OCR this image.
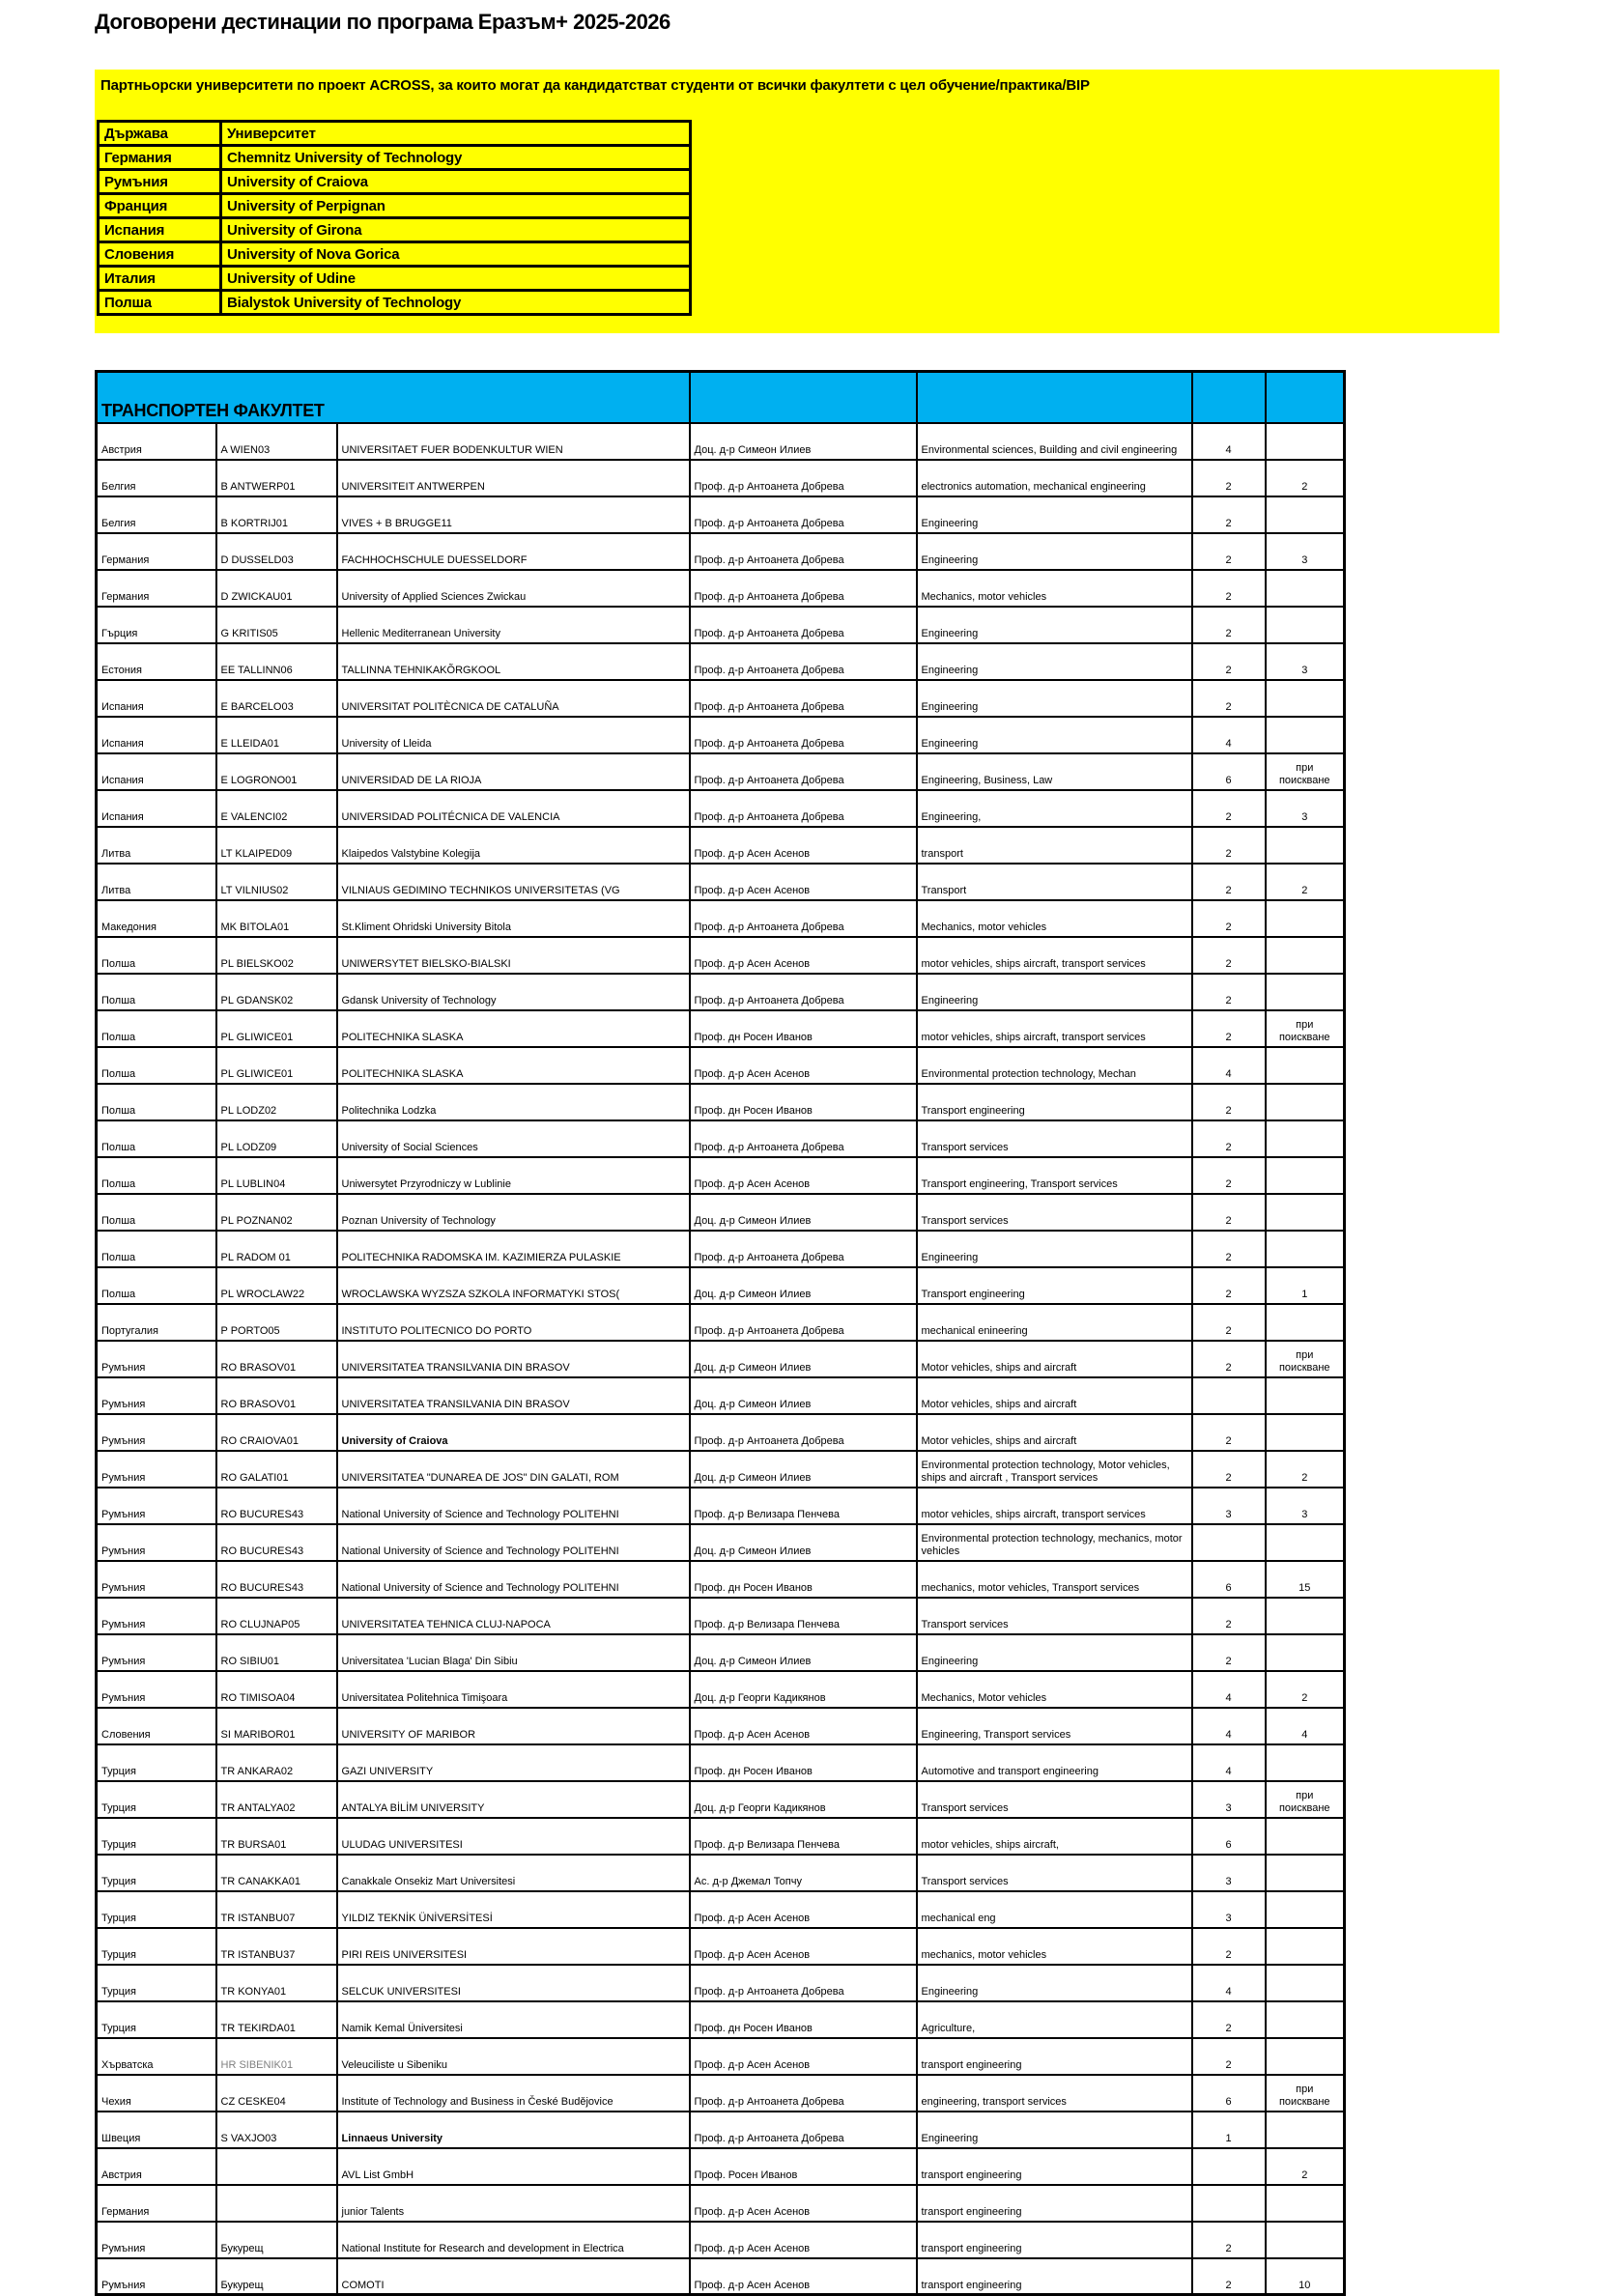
Договорени дестинации по програма Еразъм+ 2025-2026
Партньорски университети по проект ACROSS, за които могат да кандидатстват студенти от всички факултети с цел обучение/практика/BIP
Държава	Университет
Германия	Chemnitz University of Technology
Румъния	University of Craiova
Франция	University of Perpignan
Испания	University of Girona
Словения	University of Nova Gorica
Италия	University of Udine
Полша	Bialystok University of Technology
ТРАНСПОРТЕН ФАКУЛТЕТ						
Австрия	A WIEN03	UNIVERSITAET FUER BODENKULTUR WIEN	Доц. д-р Симеон Илиев	Environmental sciences, Building and civil engineering	4	
Белгия	B ANTWERP01	UNIVERSITEIT ANTWERPEN	Проф. д-р Антоанета Добрева	electronics automation, mechanical engineering	2	2
Белгия	B KORTRIJ01	VIVES + B BRUGGE11	Проф. д-р Антоанета Добрева	Engineering	2	
Германия	D DUSSELD03	FACHHOCHSCHULE DUESSELDORF	Проф. д-р Антоанета Добрева	Engineering	2	3
Германия	D ZWICKAU01	University of Applied Sciences Zwickau	Проф. д-р Антоанета Добрева	Mechanics, motor vehicles	2	
Гърция	G KRITIS05	Hellenic Mediterranean University	Проф. д-р Антоанета Добрева	Engineering	2	
Естония	EE TALLINN06	TALLINNA TEHNIKAKÕRGKOOL	Проф. д-р Антоанета Добрева	Engineering	2	3
Испания	E BARCELO03	UNIVERSITAT POLITÈCNICA DE CATALUÑA	Проф. д-р Антоанета Добрева	Engineering	2	
Испания	E LLEIDA01	University of Lleida	Проф. д-р Антоанета Добрева	Engineering	4	
Испания	E LOGRONO01	UNIVERSIDAD DE LA RIOJA	Проф. д-р Антоанета Добрева	Engineering, Business, Law	6	при поискване
Испания	E VALENCI02	UNIVERSIDAD POLITÉCNICA DE VALENCIA	Проф. д-р Антоанета Добрева	Engineering,	2	3
Литва	LT KLAIPED09	Klaipedos Valstybine Kolegija	Проф. д-р Асен Асенов	transport	2	
Литва	LT VILNIUS02	VILNIAUS GEDIMINO TECHNIKOS UNIVERSITETAS (VG	Проф. д-р Асен Асенов	Transport	2	2
Македония	MK BITOLA01	St.Kliment Ohridski University Bitola	Проф. д-р Антоанета Добрева	Mechanics, motor vehicles	2	
Полша	PL BIELSKO02	UNIWERSYTET BIELSKO-BIALSKI	Проф. д-р Асен Асенов	motor vehicles, ships aircraft, transport services	2	
Полша	PL GDANSK02	Gdansk University of Technology	Проф. д-р Антоанета Добрева	Engineering	2	
Полша	PL GLIWICE01	POLITECHNIKA SLASKA	Проф. дн Росен Иванов	motor vehicles, ships aircraft, transport services	2	при поискване
Полша	PL GLIWICE01	POLITECHNIKA SLASKA	Проф. д-р Асен Асенов	Environmental protection technology, Mechan	4	
Полша	PL LODZ02	Politechnika Lodzka	Проф. дн Росен Иванов	Transport engineering	2	
Полша	PL LODZ09	University of Social Sciences	Проф. д-р Антоанета Добрева	Transport services	2	
Полша	PL LUBLIN04	Uniwersytet Przyrodniczy w Lublinie	Проф. д-р Асен Асенов	Transport engineering, Transport services	2	
Полша	PL POZNAN02	Poznan University of Technology	Доц. д-р Симеон Илиев	Transport services	2	
Полша	PL RADOM 01	POLITECHNIKA RADOMSKA IM. KAZIMIERZA PULASKIE	Проф. д-р Антоанета Добрева	Engineering	2	
Полша	PL WROCLAW22	WROCLAWSKA WYZSZA SZKOLA INFORMATYKI STOS(	Доц. д-р Симеон Илиев	Transport engineering	2	1
Португалия	P PORTO05	INSTITUTO POLITECNICO DO PORTO	Проф. д-р Антоанета Добрева	mechanical enineering	2	
Румъния	RO BRASOV01	UNIVERSITATEA TRANSILVANIA DIN BRASOV	Доц. д-р Симеон Илиев	Motor vehicles, ships and aircraft	2	при поискване
Румъния	RO BRASOV01	UNIVERSITATEA TRANSILVANIA DIN BRASOV	Доц. д-р Симеон Илиев	Motor vehicles, ships and aircraft		
Румъния	RO CRAIOVA01	University of Craiova	Проф. д-р Антоанета Добрева	Motor vehicles, ships and aircraft	2	
Румъния	RO GALATI01	UNIVERSITATEA "DUNAREA DE JOS" DIN GALATI, ROM	Доц. д-р Симеон Илиев	Environmental protection technology, Motor vehicles, ships and aircraft , Transport services	2	2
Румъния	RO BUCURES43	National University of Science and Technology POLITEHNI	Проф. д-р Велизара Пенчева	motor vehicles, ships aircraft, transport services	3	3
Румъния	RO BUCURES43	National University of Science and Technology POLITEHNI	Доц. д-р Симеон Илиев	Environmental protection technology, mechanics, motor vehicles		
Румъния	RO BUCURES43	National University of Science and Technology POLITEHNI	Проф. дн Росен Иванов	mechanics, motor vehicles, Transport services	6	15
Румъния	RO CLUJNAP05	UNIVERSITATEA TEHNICA CLUJ-NAPOCA	Проф. д-р Велизара Пенчева	Transport services	2	
Румъния	RO SIBIU01	Universitatea 'Lucian Blaga' Din Sibiu	Доц. д-р Симеон Илиев	Engineering	2	
Румъния	RO TIMISOA04	Universitatea Politehnica Timişoara	Доц. д-р Георги Кадикянов	Mechanics, Motor vehicles	4	2
Словения	SI MARIBOR01	UNIVERSITY OF MARIBOR	Проф. д-р Асен Асенов	Engineering, Transport services	4	4
Турция	TR ANKARA02	GAZI UNIVERSITY	Проф. дн Росен Иванов	Automotive and transport engineering	4	
Турция	TR ANTALYA02	ANTALYA BİLİM UNIVERSITY	Доц. д-р Георги Кадикянов	Transport services	3	при поискване
Турция	TR BURSA01	ULUDAG UNIVERSITESI	Проф. д-р Велизара Пенчева	motor vehicles, ships aircraft,	6	
Турция	TR CANAKKA01	Canakkale Onsekiz Mart Universitesi	Ас. д-р Джемал Топчу	Transport services	3	
Турция	TR ISTANBU07	YILDIZ TEKNİK ÜNİVERSİTESİ	Проф. д-р Асен Асенов	mechanical eng	3	
Турция	TR ISTANBU37	PIRI REIS UNIVERSITESI	Проф. д-р Асен Асенов	mechanics, motor vehicles	2	
Турция	TR KONYA01	SELCUK UNIVERSITESI	Проф. д-р Антоанета Добрева	Engineering	4	
Турция	TR TEKIRDA01	Namik Kemal Üniversitesi	Проф. дн Росен Иванов	Agriculture,	2	
Хърватска	HR SIBENIK01	Veleuciliste u Sibeniku	Проф. д-р Асен Асенов	transport engineering	2	
Чехия	CZ CESKE04	Institute of Technology and Business in České Budějovice	Проф. д-р Антоанета Добрева	engineering, transport services	6	при поискване
Швеция	S VAXJO03	Linnaeus University	Проф. д-р Антоанета Добрева	Engineering	1	
Австрия		AVL List GmbH	Проф. Росен Иванов	transport engineering		2
Германия		junior Talents	Проф. д-р Асен Асенов	transport engineering		
Румъния	Букурещ	National Institute for Research and development in Electrica	Проф. д-р Асен Асенов	transport engineering	2	
Румъния	Букурещ	COMOTI	Проф. д-р Асен Асенов	transport engineering	2	10
